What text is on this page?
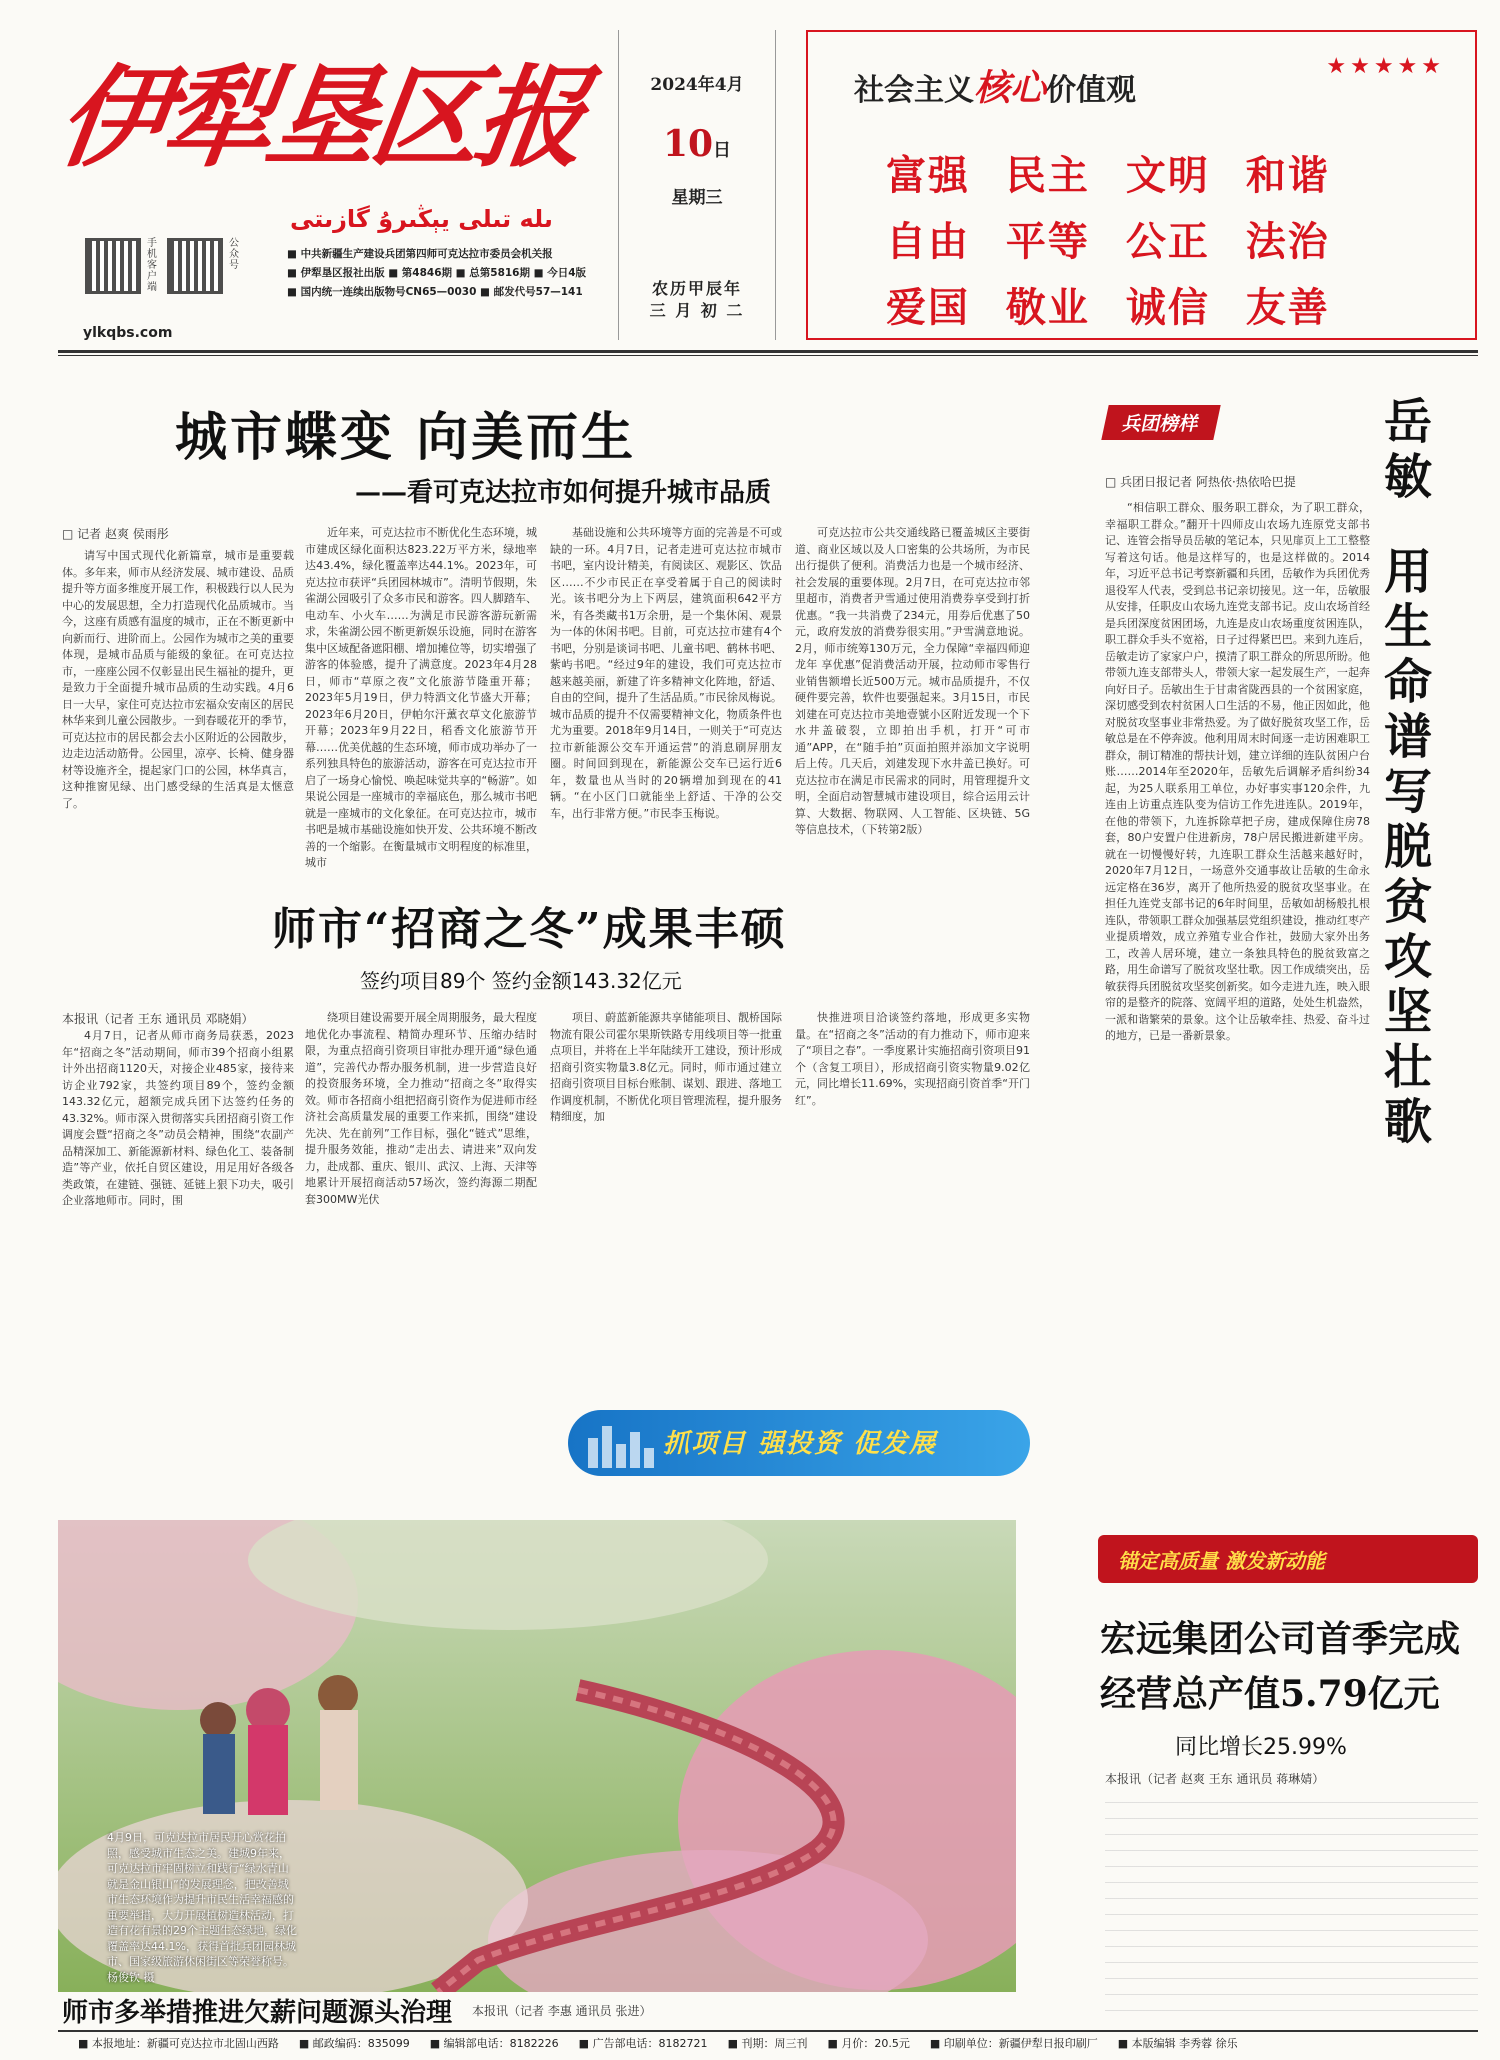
伊犁垦区报
ىلە تىلى يېڭىرۇ گازىتى
手机客户端
公众号
ylkqbs.com
■ 中共新疆生产建设兵团第四师可克达拉市委员会机关报
■ 伊犁垦区报社出版 ■ 第4846期 ■ 总第5816期 ■ 今日4版
■ 国内统一连续出版物号CN65—0030 ■ 邮发代号57—141
2024年4月
10日
星期三
农历甲辰年
三 月 初 二
社会主义核心价值观
★★★★★
富强 民主 文明 和谐
自由 平等 公正 法治
爱国 敬业 诚信 友善
城市蝶变 向美而生
——看可克达拉市如何提升城市品质
□ 记者 赵爽 侯雨彤

请写中国式现代化新篇章，城市是重要载体。多年来，师市从经济发展、城市建设、品质提升等方面多维度开展工作，积极践行以人民为中心的发展思想，全力打造现代化品质城市。当今，这座有质感有温度的城市，正在不断更新中向新而行、进阶而上。公园作为城市之美的重要体现，是城市品质与能级的象征。在可克达拉市，一座座公园不仅彰显出民生福祉的提升，更是致力于全面提升城市品质的生动实践。4月6日一大早，家住可克达拉市宏福众安南区的居民林华来到儿童公园散步。一到春暖花开的季节，可克达拉市的居民都会去小区附近的公园散步，边走边活动筋骨。公园里，凉亭、长椅、健身器材等设施齐全，提起家门口的公园，林华真言，这种推窗见绿、出门感受绿的生活真是太惬意了。

近年来，可克达拉市不断优化生态环境，城市建成区绿化面积达823.22万平方米，绿地率达43.4%，绿化覆盖率达44.1%。2023年，可克达拉市获评“兵团园林城市”。清明节假期，朱雀湖公园吸引了众多市民和游客。四人脚踏车、电动车、小火车……为满足市民游客游玩新需求，朱雀湖公园不断更新娱乐设施，同时在游客集中区域配备遮阳棚、增加摊位等，切实增强了游客的体验感，提升了满意度。2023年4月28日，师市“草原之夜”文化旅游节隆重开幕；2023年5月19日，伊力特酒文化节盛大开幕；2023年6月20日，伊帕尔汗薰衣草文化旅游节开幕；2023年9月22日，稻香文化旅游节开幕……优美优越的生态环境，师市成功举办了一系列独具特色的旅游活动，游客在可克达拉市开启了一场身心愉悦、唤起味觉共享的“畅游”。如果说公园是一座城市的幸福底色，那么城市书吧就是一座城市的文化象征。在可克达拉市，城市书吧是城市基础设施如快开发、公共环境不断改善的一个缩影。在衡量城市文明程度的标准里，城市

基础设施和公共环境等方面的完善是不可或缺的一环。4月7日，记者走进可克达拉市城市书吧，室内设计精美，有阅读区、观影区、饮品区……不少市民正在享受着属于自己的阅读时光。该书吧分为上下两层，建筑面积642平方米，有各类藏书1万余册，是一个集休闲、观景为一体的休闲书吧。目前，可克达拉市建有4个书吧，分别是谈词书吧、儿童书吧、鹤林书吧、紫屿书吧。“经过9年的建设，我们可克达拉市越来越美丽，新建了许多精神文化阵地，舒适、自由的空间，提升了生活品质。”市民徐凤梅说。城市品质的提升不仅需要精神文化，物质条件也尤为重要。2018年9月14日，一则关于“可克达拉市新能源公交车开通运营”的消息刷屏朋友圈。时间回到现在，新能源公交车已运行近6年，数量也从当时的20辆增加到现在的41辆。“在小区门口就能坐上舒适、干净的公交车，出行非常方便。”市民李玉梅说。

可克达拉市公共交通线路已覆盖城区主要街道、商业区域以及人口密集的公共场所，为市民出行提供了便利。消费活力也是一个城市经济、社会发展的重要体现。2月7日，在可克达拉市邻里超市，消费者尹雪通过使用消费券享受到打折优惠。“我一共消费了234元，用券后优惠了50元，政府发放的消费券很实用。”尹雪满意地说。2月，师市统筹130万元，全力保障“幸福四师迎龙年 享优惠”促消费活动开展，拉动师市零售行业销售额增长近500万元。城市品质提升，不仅硬件要完善，软件也要强起来。3月15日，市民刘建在可克达拉市美地壹號小区附近发现一个下水井盖破裂，立即拍出手机，打开“可市通”APP，在“随手拍”页面拍照并添加文字说明后上传。几天后，刘建发现下水井盖已换好。可克达拉市在满足市民需求的同时，用管理提升文明，全面启动智慧城市建设项目，综合运用云计算、大数据、物联网、人工智能、区块链、5G等信息技术，（下转第2版）

师市“招商之冬”成果丰硕
签约项目89个 签约金额143.32亿元
本报讯（记者 王东 通讯员 邓晓娟）

4月7日，记者从师市商务局获悉，2023年“招商之冬”活动期间，师市39个招商小组累计外出招商1120天，对接企业485家，接待来访企业792家，共签约项目89个，签约金额143.32亿元，超额完成兵团下达签约任务的43.32%。师市深入贯彻落实兵团招商引资工作调度会暨“招商之冬”动员会精神，围绕“农副产品精深加工、新能源新材料、绿色化工、装备制造”等产业，依托自贸区建设，用足用好各级各类政策，在建链、强链、延链上狠下功夫，吸引企业落地师市。同时，围

绕项目建设需要开展全周期服务，最大程度地优化办事流程、精简办理环节、压缩办结时限，为重点招商引资项目审批办理开通“绿色通道”，完善代办帮办服务机制，进一步营造良好的投资服务环境，全力推动“招商之冬”取得实效。师市各招商小组把招商引资作为促进师市经济社会高质量发展的重要工作来抓，围绕“建设先决、先在前列”工作目标，强化“链式”思维，提升服务效能，推动“走出去、请进来”双向发力，赴成都、重庆、银川、武汉、上海、天津等地累计开展招商活动57场次，签约海源二期配套300MW光伏

项目、蔚蓝新能源共享储能项目、靓桥国际物流有限公司霍尔果斯铁路专用线项目等一批重点项目，并将在上半年陆续开工建设，预计形成招商引资实物量3.8亿元。同时，师市通过建立招商引资项目目标台账制、谋划、跟进、落地工作调度机制，不断优化项目管理流程，提升服务精细度，加

快推进项目洽谈签约落地，形成更多实物量。在“招商之冬”活动的有力推动下，师市迎来了“项目之春”。一季度累计实施招商引资项目91个（含复工项目），形成招商引资实物量9.02亿元，同比增长11.69%，实现招商引资首季“开门红”。

抓项目 强投资 促发展
4月9日，可克达拉市居民开心赏花拍照，感受城市生态之美。建城9年来，可克达拉市牢固树立和践行“绿水青山就是金山银山”的发展理念，把改善城市生态环境作为提升市民生活幸福感的重要举措，大力开展植树造林活动，打造有花有景的29个主题生态绿地，绿化覆盖率达44.1%，获得首批兵团园林城市、国家级旅游休闲街区等荣誉称号。 杨俊钦 摄
兵团榜样	岳
敏
用
生
命
谱
写
脱
贫
攻
坚
壮
歌
□ 兵团日报记者 阿热依·热依哈巴提

“相信职工群众、服务职工群众，为了职工群众，幸福职工群众。”翻开十四师皮山农场九连原党支部书记、连管会指导员岳敏的笔记本，只见扉页上工工整整写着这句话。他是这样写的，也是这样做的。2014年，习近平总书记考察新疆和兵团，岳敏作为兵团优秀退役军人代表，受到总书记亲切接见。这一年，岳敏服从安排，任职皮山农场九连党支部书记。皮山农场首经是兵团深度贫困团场，九连是皮山农场重度贫困连队，职工群众手头不宽裕，日子过得紧巴巴。来到九连后，岳敏走访了家家户户，摸清了职工群众的所思所盼。他带领九连支部带头人，带领大家一起发展生产，一起奔向好日子。岳敏出生于甘肃省陇西县的一个贫困家庭，深切感受到农村贫困人口生活的不易，他正因如此，他对脱贫攻坚事业非常热爱。为了做好脱贫攻坚工作，岳敏总是在不停奔波。他利用周末时间逐一走访困难职工群众，制订精准的帮扶计划，建立详细的连队贫困户台账……2014年至2020年，岳敏先后调解矛盾纠纷34起，为25人联系用工单位，办好事实事120余件，九连由上访重点连队变为信访工作先进连队。2019年，在他的带领下，九连拆除草把子房，建成保障住房78套，80户安置户住进新房，78户居民搬进新建平房。就在一切慢慢好转，九连职工群众生活越来越好时，2020年7月12日，一场意外交通事故让岳敏的生命永远定格在36岁，离开了他所热爱的脱贫攻坚事业。在担任九连党支部书记的6年时间里，岳敏如胡杨般扎根连队，带领职工群众加强基层党组织建设，推动红枣产业提质增效，成立养殖专业合作社，鼓励大家外出务工，改善人居环境，建立一条独具特色的脱贫致富之路，用生命谱写了脱贫攻坚壮歌。因工作成绩突出，岳敏获得兵团脱贫攻坚奖创新奖。如今走进九连，映入眼帘的是整齐的院落、宽阔平坦的道路，处处生机盎然，一派和谐繁荣的景象。这个让岳敏牵挂、热爱、奋斗过的地方，已是一番新景象。

锚定高质量 激发新动能
宏远集团公司首季完成
经营总产值5.79亿元
同比增长25.99%
本报讯（记者 赵爽 王东 通讯员 蒋琳婧）
师市多举措推进欠薪问题源头治理 本报讯（记者 李惠 通讯员 张进）
■ 本报地址：新疆可克达拉市北固山西路	■ 邮政编码：835099	■ 编辑部电话：8182226	■ 广告部电话：8182721	■ 刊期：周三刊	■ 月价：20.5元	■ 印刷单位：新疆伊犁日报印刷厂	■ 本版编辑 李秀蓉 徐乐
